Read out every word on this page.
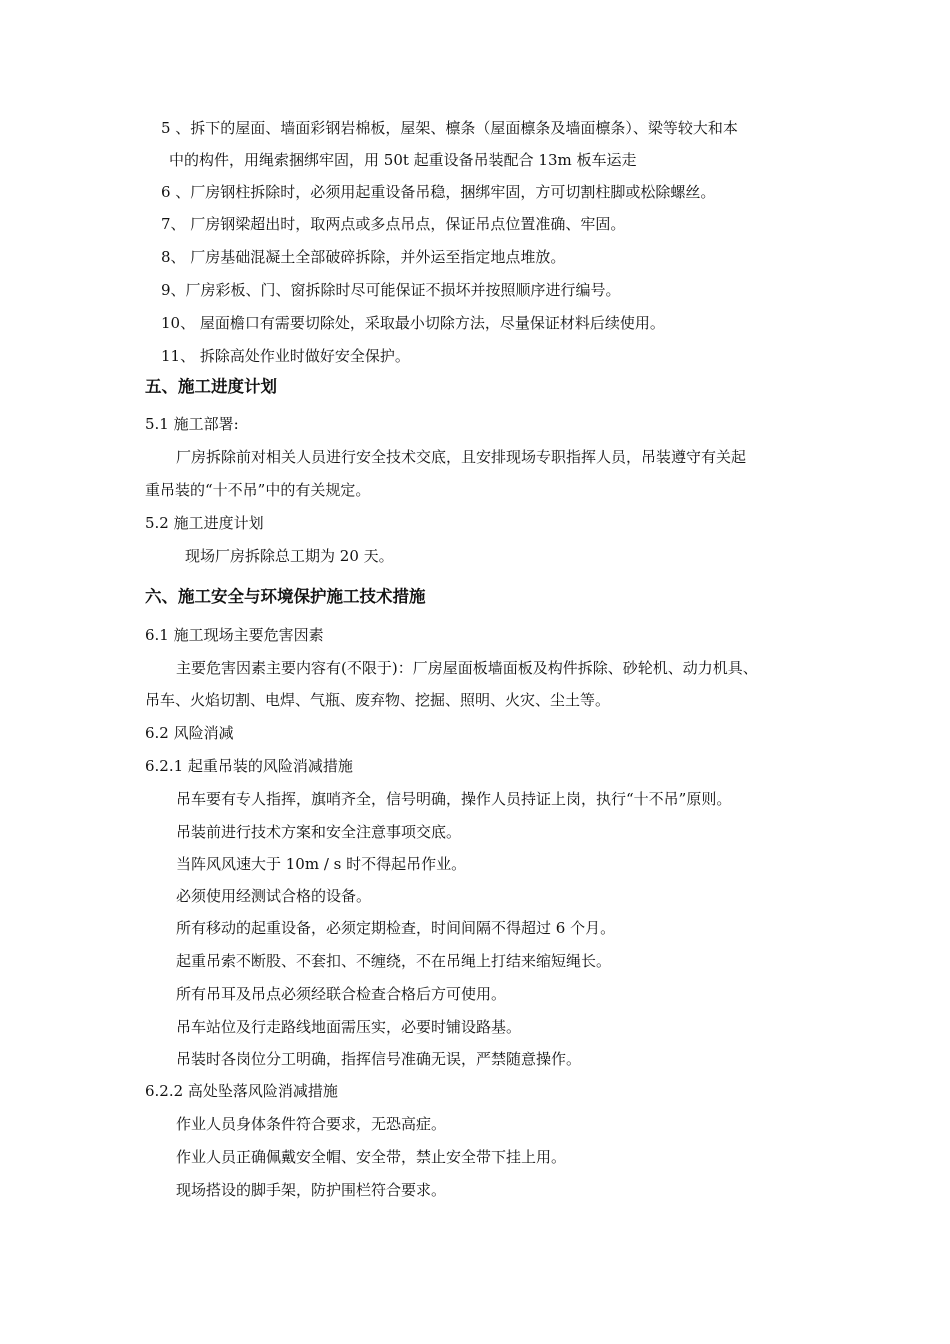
5 、拆下的屋面、墙面彩钢岩棉板，屋架、檩条（屋面檩条及墙面檩条）、梁等较大和本
中的构件，用绳索捆绑牢固，用 50t 起重设备吊装配合 13m 板车运走
6 、厂房钢柱拆除时，必须用起重设备吊稳，捆绑牢固，方可切割柱脚或松除螺丝。
7、 厂房钢梁超出时，取两点或多点吊点，保证吊点位置准确、牢固。
8、 厂房基础混凝土全部破碎拆除，并外运至指定地点堆放。
9、厂房彩板、门、窗拆除时尽可能保证不损坏并按照顺序进行编号。
10、 屋面檐口有需要切除处，采取最小切除方法，尽量保证材料后续使用。
11、 拆除高处作业时做好安全保护。
五、施工进度计划
5.1 施工部署:
厂房拆除前对相关人员进行安全技术交底，且安排现场专职指挥人员，吊装遵守有关起
重吊装的“十不吊”中的有关规定。
5.2 施工进度计划
现场厂房拆除总工期为 20 天。
六、施工安全与环境保护施工技术措施
6.1 施工现场主要危害因素
主要危害因素主要内容有(不限于)：厂房屋面板墙面板及构件拆除、砂轮机、动力机具、
吊车、火焰切割、电焊、气瓶、废弃物、挖掘、照明、火灾、尘土等。
6.2 风险消减
6.2.1 起重吊装的风险消减措施
吊车要有专人指挥，旗哨齐全，信号明确，操作人员持证上岗，执行“十不吊”原则。
吊装前进行技术方案和安全注意事项交底。
当阵风风速大于 10m / s 时不得起吊作业。
必须使用经测试合格的设备。
所有移动的起重设备，必须定期检查，时间间隔不得超过 6 个月。
起重吊索不断股、不套扣、不缠绕，不在吊绳上打结来缩短绳长。
所有吊耳及吊点必须经联合检查合格后方可使用。
吊车站位及行走路线地面需压实，必要时铺设路基。
吊装时各岗位分工明确，指挥信号准确无误，严禁随意操作。
6.2.2 高处坠落风险消减措施
作业人员身体条件符合要求，无恐高症。
作业人员正确佩戴安全帽、安全带，禁止安全带下挂上用。
现场搭设的脚手架，防护围栏符合要求。
